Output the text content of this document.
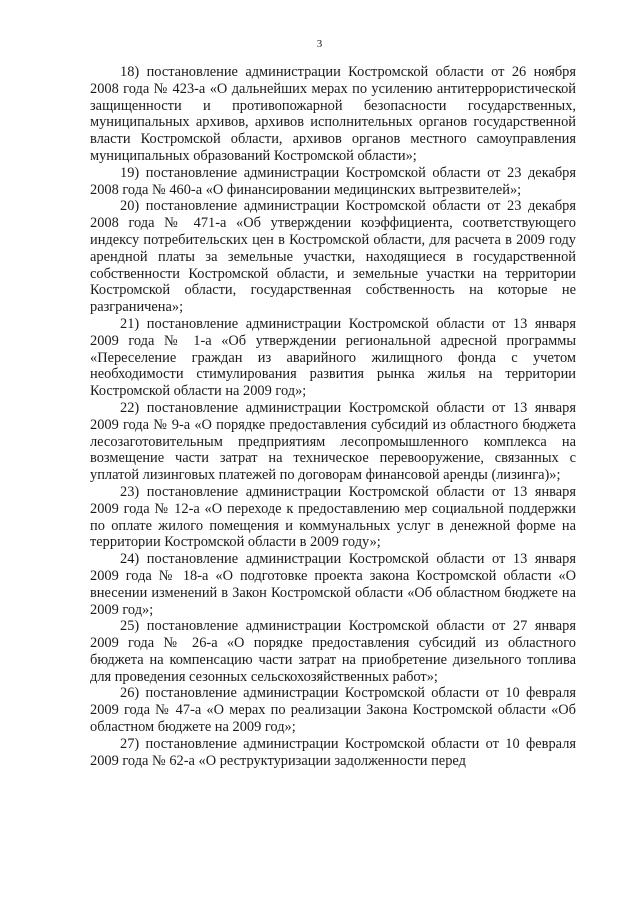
3

18) постановление администрации Костромской области от 26 ноября 2008 года № 423-а «О дальнейших мерах по усилению антитеррористической защищенности и противопожарной безопасности государственных, муниципальных архивов, архивов исполнительных органов государственной власти Костромской области, архивов органов местного самоуправления муниципальных образований Костромской области»;

19) постановление администрации Костромской области от 23 декабря 2008 года № 460-а «О финансировании медицинских вытрезвителей»;

20) постановление администрации Костромской области от 23 декабря 2008 года № 471-а «Об утверждении коэффициента, соответствующего индексу потребительских цен в Костромской области, для расчета в 2009 году арендной платы за земельные участки, находящиеся в государственной собственности Костромской области, и земельные участки на территории Костромской области, государственная собственность на которые не разграничена»;

21) постановление администрации Костромской области от 13 января 2009 года № 1-а «Об утверждении региональной адресной программы «Переселение граждан из аварийного жилищного фонда с учетом необходимости стимулирования развития рынка жилья на территории Костромской области на 2009 год»;

22) постановление администрации Костромской области от 13 января 2009 года № 9-а «О порядке предоставления субсидий из областного бюджета лесозаготовительным предприятиям лесопромышленного комплекса на возмещение части затрат на техническое перевооружение, связанных с уплатой лизинговых платежей по договорам финансовой аренды (лизинга)»;

23) постановление администрации Костромской области от 13 января 2009 года № 12-а «О переходе к предоставлению мер социальной поддержки по оплате жилого помещения и коммунальных услуг в денежной форме на территории Костромской области в 2009 году»;

24) постановление администрации Костромской области от 13 января 2009 года № 18-а «О подготовке проекта закона Костромской области «О внесении изменений в Закон Костромской области «Об областном бюджете на 2009 год»;

25) постановление администрации Костромской области от 27 января 2009 года № 26-а «О порядке предоставления субсидий из областного бюджета на компенсацию части затрат на приобретение дизельного топлива для проведения сезонных сельскохозяйственных работ»;

26) постановление администрации Костромской области от 10 февраля 2009 года № 47-а «О мерах по реализации Закона Костромской области «Об областном бюджете на 2009 год»;

27) постановление администрации Костромской области от 10 февраля 2009 года № 62-а «О реструктуризации задолженности перед
